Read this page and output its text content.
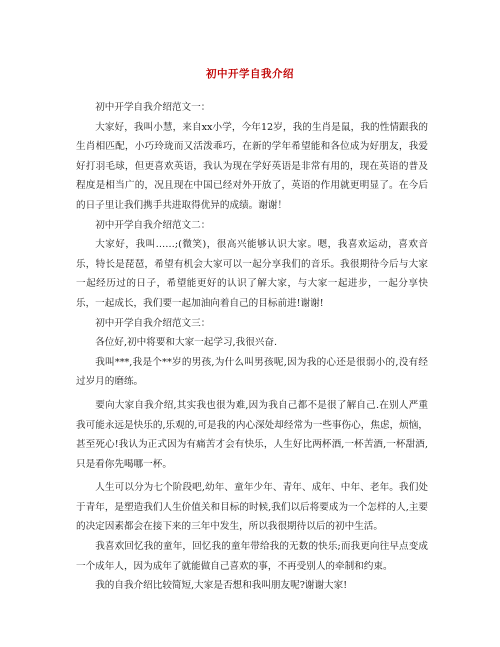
初中开学自我介绍

初中开学自我介绍范文一：

大家好，我叫小慧，来自xx小学，今年12岁，我的生肖是鼠，我的性情跟我的生肖相匹配，小巧玲珑而又活泼乖巧，在新的学年希望能和各位成为好朋友，我爱好打羽毛球，但更喜欢英语，我认为现在学好英语是非常有用的，现在英语的普及程度是相当广的，况且现在中国已经对外开放了，英语的作用就更明显了。在今后的日子里让我们携手共进取得优异的成绩。谢谢！

初中开学自我介绍范文二：

大家好，我叫……;(微笑)，很高兴能够认识大家。嗯，我喜欢运动，喜欢音乐，特长是琵琶，希望有机会大家可以一起分享我们的音乐。我很期待今后与大家一起经历过的日子，希望能更好的认识了解大家，与大家一起进步，一起分享快乐，一起成长，我们要一起加油向着自己的目标前进!谢谢!

初中开学自我介绍范文三：

各位好,初中将要和大家一起学习,我很兴奋.

我叫***,我是个**岁的男孩,为什么叫男孩呢,因为我的心还是很弱小的,没有经过岁月的磨练。

要向大家自我介绍,其实我也很为难,因为我自己都不是很了解自己.在别人严重我可能永远是快乐的,乐观的,可是我的内心深处却经常为一些事伤心，焦虑，烦恼，甚至死心!我认为正式因为有痛苦才会有快乐，人生好比两杯酒,一杯苦酒,一杯甜酒,只是看你先喝哪一杯。

人生可以分为七个阶段吧,幼年、童年少年、青年、成年、中年、老年。我们处于青年，是塑造我们人生价值关和目标的时候,我们以后将要成为一个怎样的人,主要的决定因素都会在接下来的三年中发生，所以我很期待以后的初中生活。

我喜欢回忆我的童年，回忆我的童年带给我的无数的快乐;而我更向往早点变成一个成年人，因为成年了就能做自己喜欢的事，不再受别人的牵制和约束。

我的自我介绍比较简短,大家是否想和我叫朋友呢?谢谢大家!
